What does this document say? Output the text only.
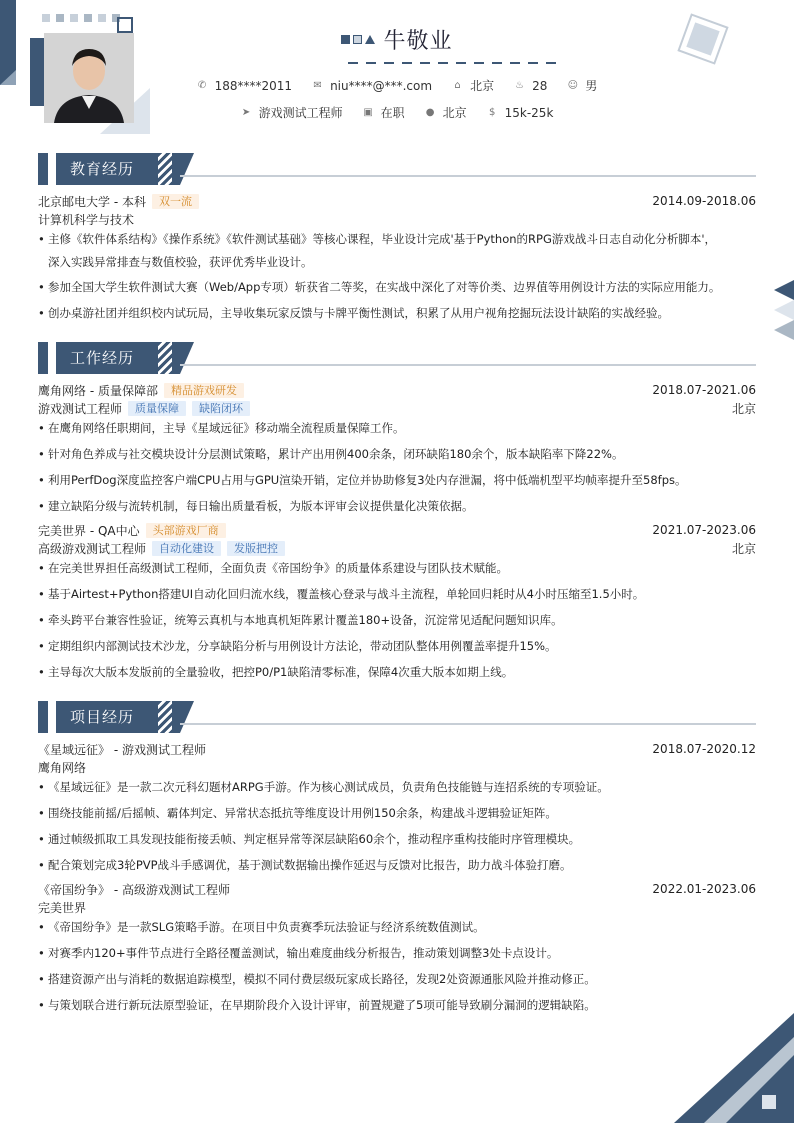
牛敬业
✆ 188****2011 ✉ niu****@***.com ⌂ 北京 ♨ 28 ☺ 男
➤ 游戏测试工程师 ▣ 在职 ● 北京 $ 15k-25k
教育经历
北京邮电大学 - 本科	双一流	2014.09-2018.06
计算机科学与技术
• 主修《软件体系结构》《操作系统》《软件测试基础》等核心课程，毕业设计完成'基于Python的RPG游戏战斗日志自动化分析脚本'，
深入实践异常排查与数值校验，获评优秀毕业设计。
• 参加全国大学生软件测试大赛（Web/App专项）斩获省二等奖，在实战中深化了对等价类、边界值等用例设计方法的实际应用能力。
• 创办桌游社团并组织校内试玩局，主导收集玩家反馈与卡牌平衡性测试，积累了从用户视角挖掘玩法设计缺陷的实战经验。
工作经历
鹰角网络 - 质量保障部	精品游戏研发	2018.07-2021.06
游戏测试工程师	质量保障	缺陷闭环	北京
• 在鹰角网络任职期间，主导《星域远征》移动端全流程质量保障工作。
• 针对角色养成与社交模块设计分层测试策略，累计产出用例400余条，闭环缺陷180余个，版本缺陷率下降22%。
• 利用PerfDog深度监控客户端CPU占用与GPU渲染开销，定位并协助修复3处内存泄漏，将中低端机型平均帧率提升至58fps。
• 建立缺陷分级与流转机制，每日输出质量看板，为版本评审会议提供量化决策依据。
完美世界 - QA中心	头部游戏厂商	2021.07-2023.06
高级游戏测试工程师	自动化建设	发版把控	北京
• 在完美世界担任高级测试工程师，全面负责《帝国纷争》的质量体系建设与团队技术赋能。
• 基于Airtest+Python搭建UI自动化回归流水线，覆盖核心登录与战斗主流程，单轮回归耗时从4小时压缩至1.5小时。
• 牵头跨平台兼容性验证，统筹云真机与本地真机矩阵累计覆盖180+设备，沉淀常见适配问题知识库。
• 定期组织内部测试技术沙龙，分享缺陷分析与用例设计方法论，带动团队整体用例覆盖率提升15%。
• 主导每次大版本发版前的全量验收，把控P0/P1缺陷清零标准，保障4次重大版本如期上线。
项目经历
《星域远征》 - 游戏测试工程师	2018.07-2020.12
鹰角网络
• 《星域远征》是一款二次元科幻题材ARPG手游。作为核心测试成员，负责角色技能链与连招系统的专项验证。
• 围绕技能前摇/后摇帧、霸体判定、异常状态抵抗等维度设计用例150余条，构建战斗逻辑验证矩阵。
• 通过帧级抓取工具发现技能衔接丢帧、判定框异常等深层缺陷60余个，推动程序重构技能时序管理模块。
• 配合策划完成3轮PVP战斗手感调优，基于测试数据输出操作延迟与反馈对比报告，助力战斗体验打磨。
《帝国纷争》 - 高级游戏测试工程师	2022.01-2023.06
完美世界
• 《帝国纷争》是一款SLG策略手游。在项目中负责赛季玩法验证与经济系统数值测试。
• 对赛季内120+事件节点进行全路径覆盖测试，输出难度曲线分析报告，推动策划调整3处卡点设计。
• 搭建资源产出与消耗的数据追踪模型，模拟不同付费层级玩家成长路径，发现2处资源通胀风险并推动修正。
• 与策划联合进行新玩法原型验证，在早期阶段介入设计评审，前置规避了5项可能导致刷分漏洞的逻辑缺陷。
